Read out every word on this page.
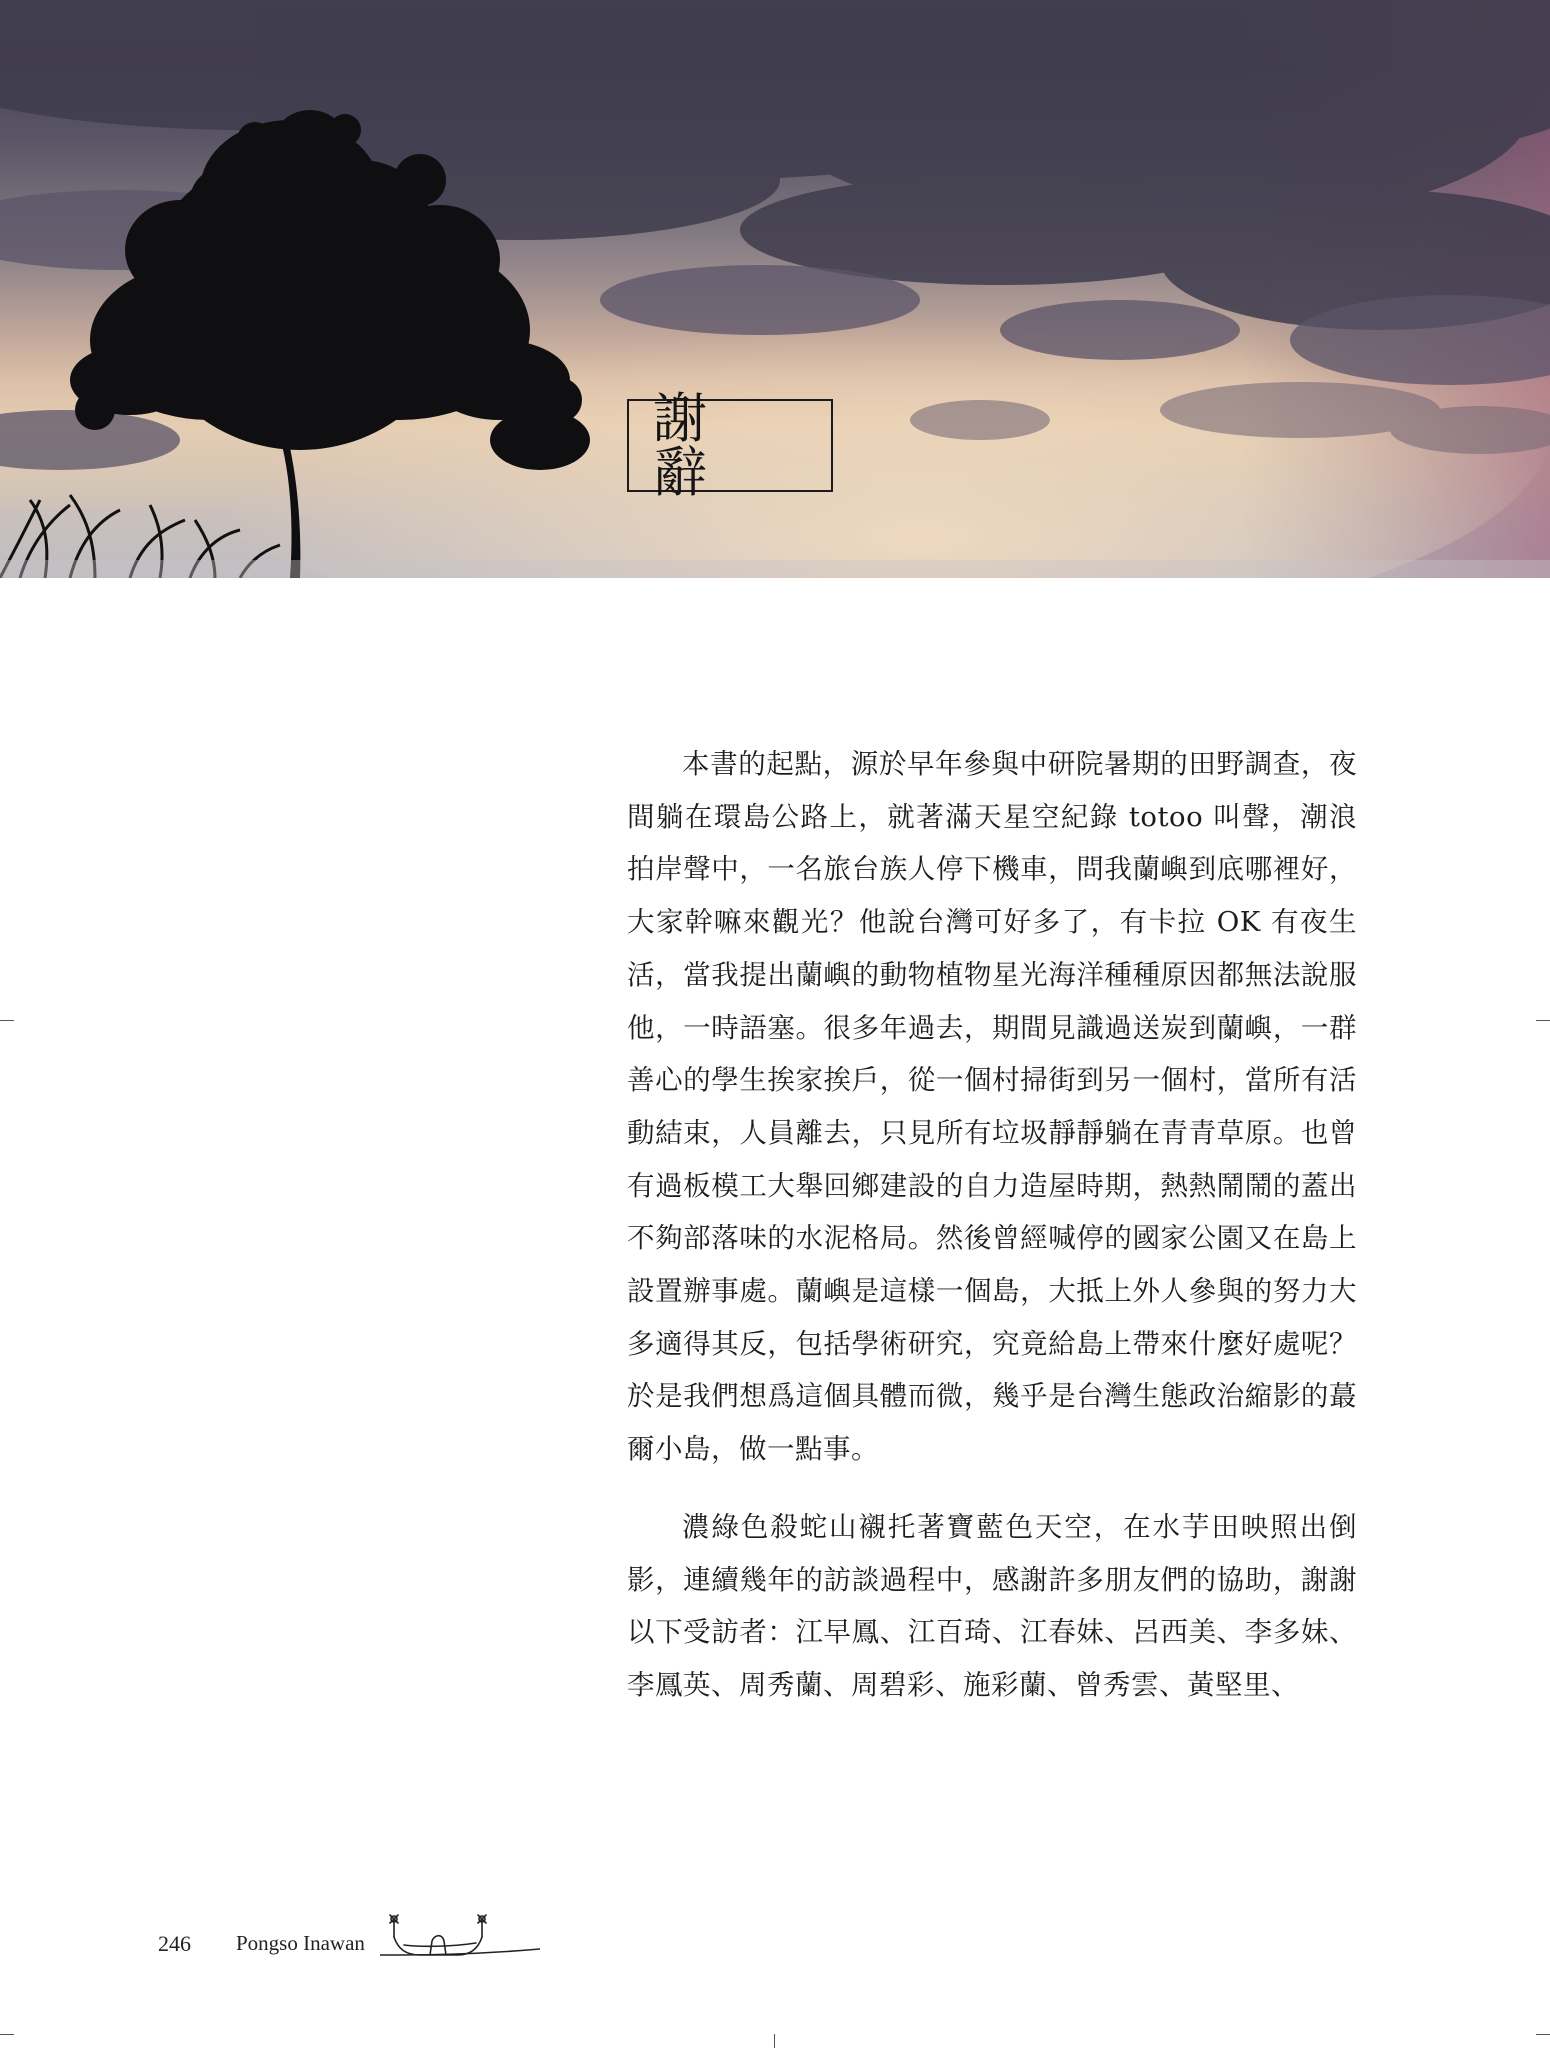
謝 辭

本書的起點，源於早年參與中研院暑期的田野調查，夜間躺在環島公路上，就著滿天星空紀錄 totoo 叫聲，潮浪拍岸聲中，一名旅台族人停下機車，問我蘭嶼到底哪裡好，大家幹嘛來觀光？他說台灣可好多了，有卡拉 OK 有夜生活，當我提出蘭嶼的動物植物星光海洋種種原因都無法說服他，一時語塞。很多年過去，期間見識過送炭到蘭嶼，一群善心的學生挨家挨戶，從一個村掃街到另一個村，當所有活動結束，人員離去，只見所有垃圾靜靜躺在青青草原。也曾有過板模工大舉回鄉建設的自力造屋時期，熱熱鬧鬧的蓋出不夠部落味的水泥格局。然後曾經喊停的國家公園又在島上設置辦事處。蘭嶼是這樣一個島，大抵上外人參與的努力大多適得其反，包括學術研究，究竟給島上帶來什麼好處呢？於是我們想爲這個具體而微，幾乎是台灣生態政治縮影的蕞爾小島，做一點事。

濃綠色殺蛇山襯托著寶藍色天空，在水芋田映照出倒影，連續幾年的訪談過程中，感謝許多朋友們的協助，謝謝以下受訪者：江早鳳、江百琦、江春妹、呂西美、李多妹、李鳳英、周秀蘭、周碧彩、施彩蘭、曾秀雲、黃堅里、

246 Pongso Inawan
